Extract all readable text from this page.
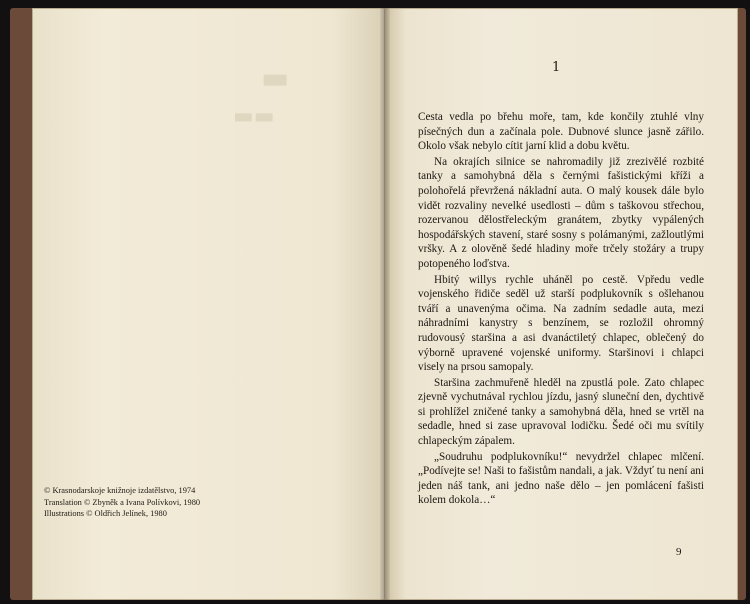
▬
▬▬
© Krasnodarskoje knižnoje izdatělstvo, 1974
Translation © Zbyněk a Ivana Polívkovi, 1980
Illustrations © Oldřich Jelínek, 1980
1

Cesta vedla po břehu moře, tam, kde končily ztuhlé vlny písečných dun a začínala pole. Dubnové slunce jasně zářilo. Okolo však nebylo cítit jarní klid a dobu květu.

Na okrajích silnice se nahromadily již zrezivělé rozbité tanky a samohybná děla s černými fašistickými kříži a polohořelá převržená nákladní auta. O malý kousek dále bylo vidět rozvaliny nevelké usedlosti – dům s taškovou střechou, rozervanou dělostřeleckým granátem, zbytky vypálených hospodářských stavení, staré sosny s polámanými, zažloutlými vršky. A z olověně šedé hladiny moře trčely stožáry a trupy potopeného loďstva.

Hbitý willys rychle uháněl po cestě. Vpředu vedle vojenského řidiče seděl už starší podplukovník s ošlehanou tváří a unavenýma očima. Na zadním sedadle auta, mezi náhradními kanystry s benzínem, se rozložil ohromný rudovousý staršina a asi dvanáctiletý chlapec, oblečený do výborně upravené vojenské uniformy. Staršinovi i chlapci visely na prsou samopaly.

Staršina zachmuřeně hleděl na zpustlá pole. Zato chlapec zjevně vychutnával rychlou jízdu, jasný sluneční den, dychtivě si prohlížel zničené tanky a samohybná děla, hned se vrtěl na sedadle, hned si zase upravoval lodičku. Šedé oči mu svítily chlapeckým zápalem.

„Soudruhu podplukovníku!“ nevydržel chlapec mlčení. „Podívejte se! Naši to fašistům nandali, a jak. Vždyť tu není ani jeden náš tank, ani jedno naše dělo – jen pomlácení fašisti kolem dokola…“

9
